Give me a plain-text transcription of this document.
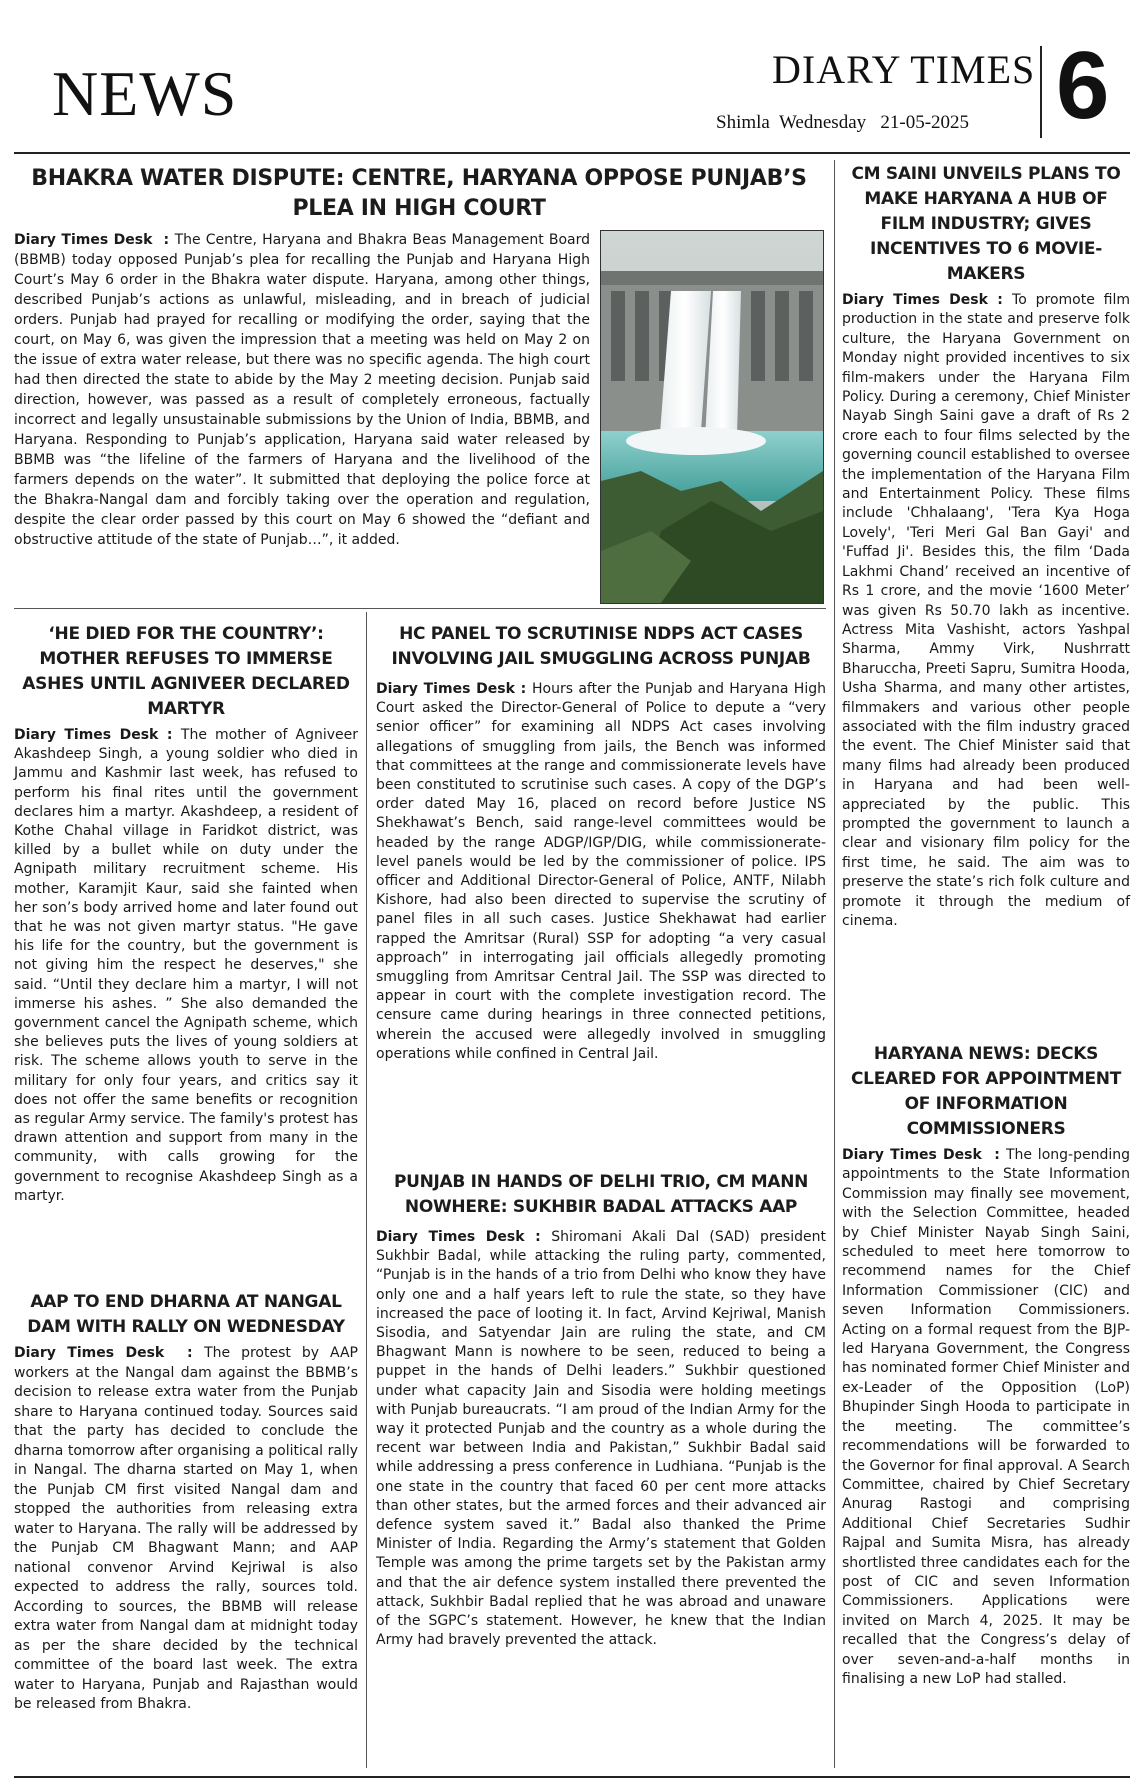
NEWS	DIARY TIMES
Shimla Wednesday 21-05-2025 6
BHAKRA WATER DISPUTE: CENTRE, HARYANA OPPOSE PUNJAB’S PLEA IN HIGH COURT

Diary Times Desk  : The Centre, Haryana and Bhakra Beas Management Board (BBMB) today opposed Punjab’s plea for recalling the Punjab and Haryana High Court’s May 6 order in the Bhakra water dispute. Haryana, among other things, described Punjab’s actions as unlawful, misleading, and in breach of judicial orders. Punjab had prayed for recalling or modifying the order, saying that the court, on May 6, was given the impression that a meeting was held on May 2 on the issue of extra water release, but there was no specific agenda. The high court had then directed the state to abide by the May 2 meeting decision. Punjab said direction, however, was passed as a result of completely erroneous, factually incorrect and legally unsustainable submissions by the Union of India, BBMB, and Haryana. Responding to Punjab’s application, Haryana said water released by BBMB was “the lifeline of the farmers of Haryana and the livelihood of the farmers depends on the water”. It submitted that deploying the police force at the Bhakra-Nangal dam and forcibly taking over the operation and regulation, despite the clear order passed by this court on May 6 showed the “defiant and obstructive attitude of the state of Punjab…”, it added.

‘HE DIED FOR THE COUNTRY’: MOTHER REFUSES TO IMMERSE ASHES UNTIL AGNIVEER DECLARED MARTYR

Diary Times Desk : The mother of Agniveer Akashdeep Singh, a young soldier who died in Jammu and Kashmir last week, has refused to perform his final rites until the government declares him a martyr. Akashdeep, a resident of Kothe Chahal village in Faridkot district, was killed by a bullet while on duty under the Agnipath military recruitment scheme. His mother, Karamjit Kaur, said she fainted when her son’s body arrived home and later found out that he was not given martyr status. "He gave his life for the country, but the government is not giving him the respect he deserves," she said. “Until they declare him a martyr, I will not immerse his ashes. ” She also demanded the government cancel the Agnipath scheme, which she believes puts the lives of young soldiers at risk. The scheme allows youth to serve in the military for only four years, and critics say it does not offer the same benefits or recognition as regular Army service. The family's protest has drawn attention and support from many in the community, with calls growing for the government to recognise Akashdeep Singh as a martyr.

AAP TO END DHARNA AT NANGAL DAM WITH RALLY ON WEDNESDAY

Diary Times Desk  : The protest by AAP workers at the Nangal dam against the BBMB’s decision to release extra water from the Punjab share to Haryana continued today. Sources said that the party has decided to conclude the dharna tomorrow after organising a political rally in Nangal. The dharna started on May 1, when the Punjab CM first visited Nangal dam and stopped the authorities from releasing extra water to Haryana. The rally will be addressed by the Punjab CM Bhagwant Mann; and AAP national convenor Arvind Kejriwal is also expected to address the rally, sources told. According to sources, the BBMB will release extra water from Nangal dam at midnight today as per the share decided by the technical committee of the board last week. The extra water to Haryana, Punjab and Rajasthan would be released from Bhakra.

HC PANEL TO SCRUTINISE NDPS ACT CASES INVOLVING JAIL SMUGGLING ACROSS PUNJAB

Diary Times Desk : Hours after the Punjab and Haryana High Court asked the Director-General of Police to depute a “very senior officer” for examining all NDPS Act cases involving allegations of smuggling from jails, the Bench was informed that committees at the range and commissionerate levels have been constituted to scrutinise such cases. A copy of the DGP’s order dated May 16, placed on record before Justice NS Shekhawat’s Bench, said range-level committees would be headed by the range ADGP/IGP/DIG, while commissionerate-level panels would be led by the commissioner of police. IPS officer and Additional Director-General of Police, ANTF, Nilabh Kishore, had also been directed to supervise the scrutiny of panel files in all such cases. Justice Shekhawat had earlier rapped the Amritsar (Rural) SSP for adopting “a very casual approach” in interrogating jail officials allegedly promoting smuggling from Amritsar Central Jail. The SSP was directed to appear in court with the complete investigation record. The censure came during hearings in three connected petitions, wherein the accused were allegedly involved in smuggling operations while confined in Central Jail.

PUNJAB IN HANDS OF DELHI TRIO, CM MANN NOWHERE: SUKHBIR BADAL ATTACKS AAP

Diary Times Desk : Shiromani Akali Dal (SAD) president Sukhbir Badal, while attacking the ruling party, commented, “Punjab is in the hands of a trio from Delhi who know they have only one and a half years left to rule the state, so they have increased the pace of looting it. In fact, Arvind Kejriwal, Manish Sisodia, and Satyendar Jain are ruling the state, and CM Bhagwant Mann is nowhere to be seen, reduced to being a puppet in the hands of Delhi leaders.” Sukhbir questioned under what capacity Jain and Sisodia were holding meetings with Punjab bureaucrats. “I am proud of the Indian Army for the way it protected Punjab and the country as a whole during the recent war between India and Pakistan,” Sukhbir Badal said while addressing a press conference in Ludhiana. “Punjab is the one state in the country that faced 60 per cent more attacks than other states, but the armed forces and their advanced air defence system saved it.” Badal also thanked the Prime Minister of India. Regarding the Army’s statement that Golden Temple was among the prime targets set by the Pakistan army and that the air defence system installed there prevented the attack, Sukhbir Badal replied that he was abroad and unaware of the SGPC’s statement. However, he knew that the Indian Army had bravely prevented the attack.

CM SAINI UNVEILS PLANS TO MAKE HARYANA A HUB OF FILM INDUSTRY; GIVES INCENTIVES TO 6 MOVIE-MAKERS

Diary Times Desk : To promote film production in the state and preserve folk culture, the Haryana Government on Monday night provided incentives to six film-makers under the Haryana Film Policy. During a ceremony, Chief Minister Nayab Singh Saini gave a draft of Rs 2 crore each to four films selected by the governing council established to oversee the implementation of the Haryana Film and Entertainment Policy. These films include 'Chhalaang', 'Tera Kya Hoga Lovely', 'Teri Meri Gal Ban Gayi' and 'Fuffad Ji'. Besides this, the film ‘Dada Lakhmi Chand’ received an incentive of Rs 1 crore, and the movie ‘1600 Meter’ was given Rs 50.70 lakh as incentive. Actress Mita Vashisht, actors Yashpal Sharma, Ammy Virk, Nushrratt Bharuccha, Preeti Sapru, Sumitra Hooda, Usha Sharma, and many other artistes, filmmakers and various other people associated with the film industry graced the event. The Chief Minister said that many films had already been produced in Haryana and had been well-appreciated by the public. This prompted the government to launch a clear and visionary film policy for the first time, he said. The aim was to preserve the state’s rich folk culture and promote it through the medium of cinema.

HARYANA NEWS: DECKS CLEARED FOR APPOINTMENT OF INFORMATION COMMISSIONERS

Diary Times Desk  : The long-pending appointments to the State Information Commission may finally see movement, with the Selection Committee, headed by Chief Minister Nayab Singh Saini, scheduled to meet here tomorrow to recommend names for the Chief Information Commissioner (CIC) and seven Information Commissioners. Acting on a formal request from the BJP-led Haryana Government, the Congress has nominated former Chief Minister and ex-Leader of the Opposition (LoP) Bhupinder Singh Hooda to participate in the meeting. The committee’s recommendations will be forwarded to the Governor for final approval. A Search Committee, chaired by Chief Secretary Anurag Rastogi and comprising Additional Chief Secretaries Sudhir Rajpal and Sumita Misra, has already shortlisted three candidates each for the post of CIC and seven Information Commissioners. Applications were invited on March 4, 2025. It may be recalled that the Congress’s delay of over seven-and-a-half months in finalising a new LoP had stalled.
